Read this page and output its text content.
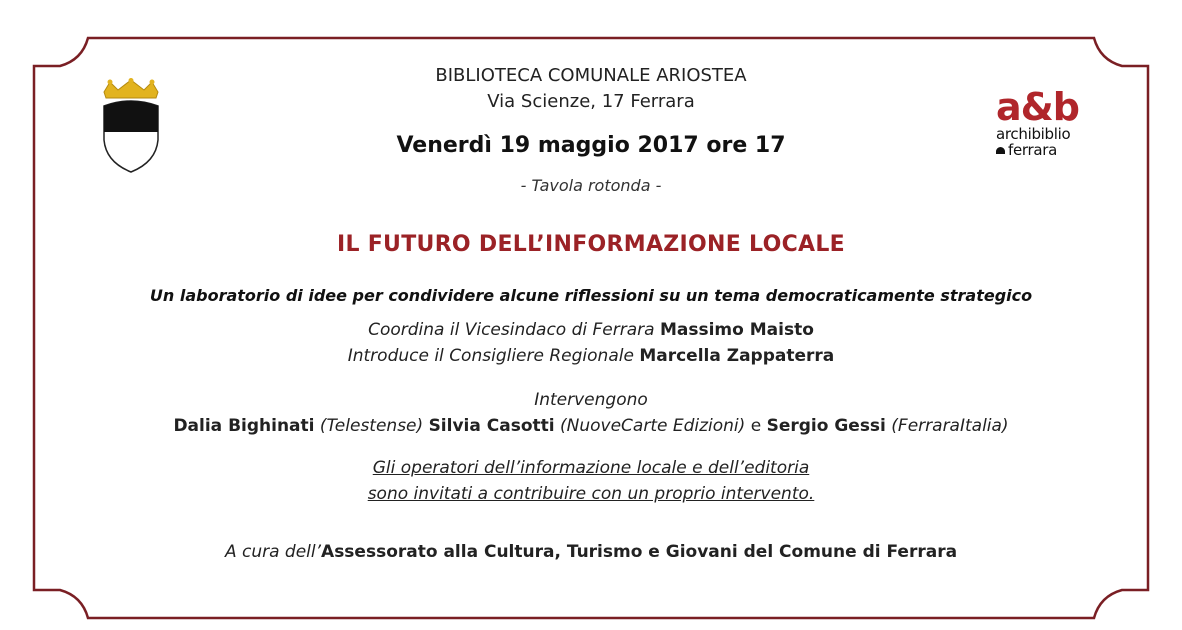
a&b
archibiblio
ferrara
BIBLIOTECA COMUNALE ARIOSTEA
Via Scienze, 17 Ferrara
Venerdì 19 maggio 2017 ore 17
- Tavola rotonda -
IL FUTURO DELL’INFORMAZIONE LOCALE
Un laboratorio di idee per condividere alcune riflessioni su un tema democraticamente strategico
Coordina il Vicesindaco di Ferrara Massimo Maisto
Introduce il Consigliere Regionale Marcella Zappaterra
Intervengono
Dalia Bighinati (Telestense) Silvia Casotti (NuoveCarte Edizioni) e Sergio Gessi (FerraraItalia)
Gli operatori dell’informazione locale e dell’editoria
sono invitati a contribuire con un proprio intervento.
A cura dell’Assessorato alla Cultura, Turismo e Giovani del Comune di Ferrara
